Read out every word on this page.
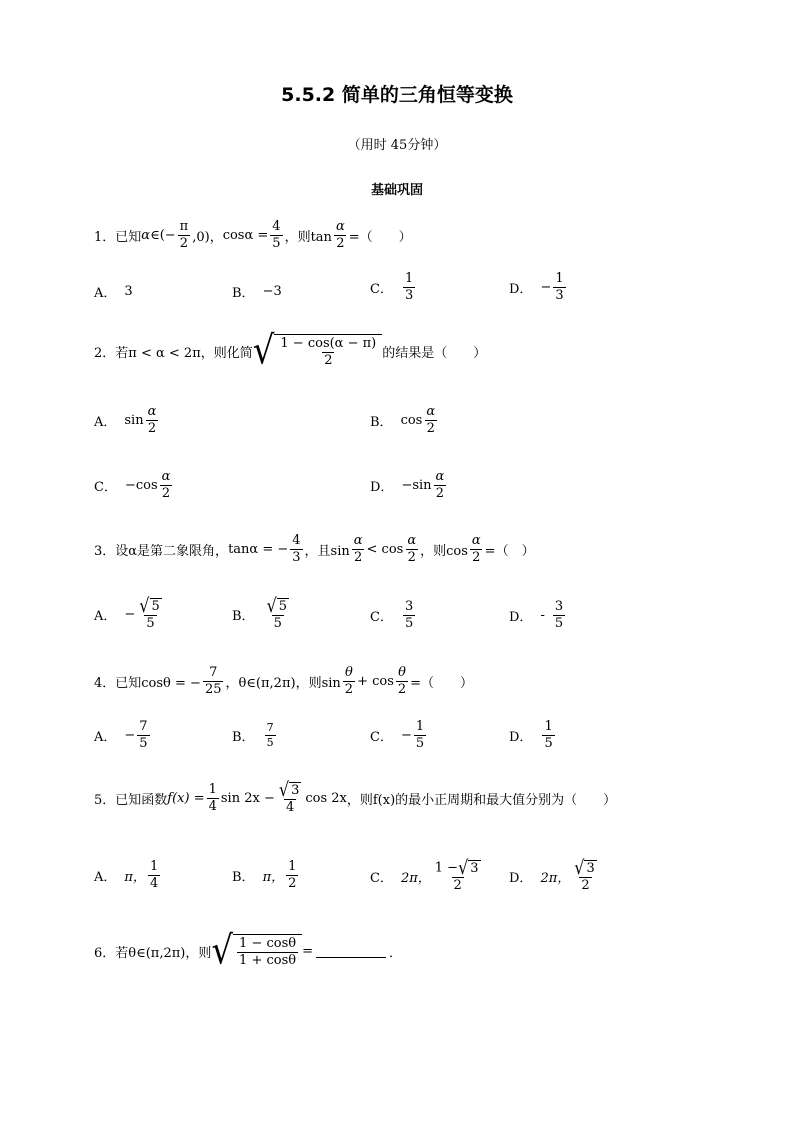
5.5.2 简单的三角恒等变换
（用时 45分钟）
基础巩固
1． 已知 α ∈(− $\frac{\pi}{2} ,0$)， $\cos\alpha = \frac{4}{5}$ ，则$\tan \frac{\alpha}{2}$ =（　　）
A． 3	B． −3	C． $\frac{1}{3}$	D． − $\frac{1}{3}$
2． 若π < α < 2π，则化简 √ $\frac{1 - \cos(\alpha - \pi)}{2}$ 的结果是（　　）
A． $\sin \frac{\alpha}{2}$	B． $\cos \frac{\alpha}{2}$
C． $-\cos \frac{\alpha}{2}$	D． $-\sin \frac{\alpha}{2}$
3． 设α是第二象限角， tanα = − $\frac{4}{3}$ ，且$\sin \frac{\alpha}{2} < \cos \frac{\alpha}{2}$ ，则$\cos \frac{\alpha}{2}$ =（　）
A． − $\frac{√ 5}{5}$	B． $\frac{√ 5}{5}$	C． $\frac{3}{5}$	D． - $\frac{3}{5}$
4． 已知cosθ = − $\frac{7}{25}$ ，θ∈(π,2π)，则$\sin \frac{\theta}{2} + \cos \frac{\theta}{2}$ =（　　）
A． − $\frac{7}{5}$	B． $\frac{7}{5}$	C． − $\frac{1}{5}$	D． $\frac{1}{5}$
5． 已知函数 $f(x) = \frac{1}{4}$ $\sin 2x - \frac{√ 3}{4}$ cos 2x ，则f(x)的最小正周期和最大值分别为（　　）
A． π， $\frac{1}{4}$	B． π， $\frac{1}{2}$	C． 2π， $\frac{1 - √ 3}{2}$ D． 2π， $\frac{√ 3}{2}$
6． 若θ∈(π,2π)，则 √ $\frac{1 - \cos\theta}{1 + \cos\theta}$ =	．
